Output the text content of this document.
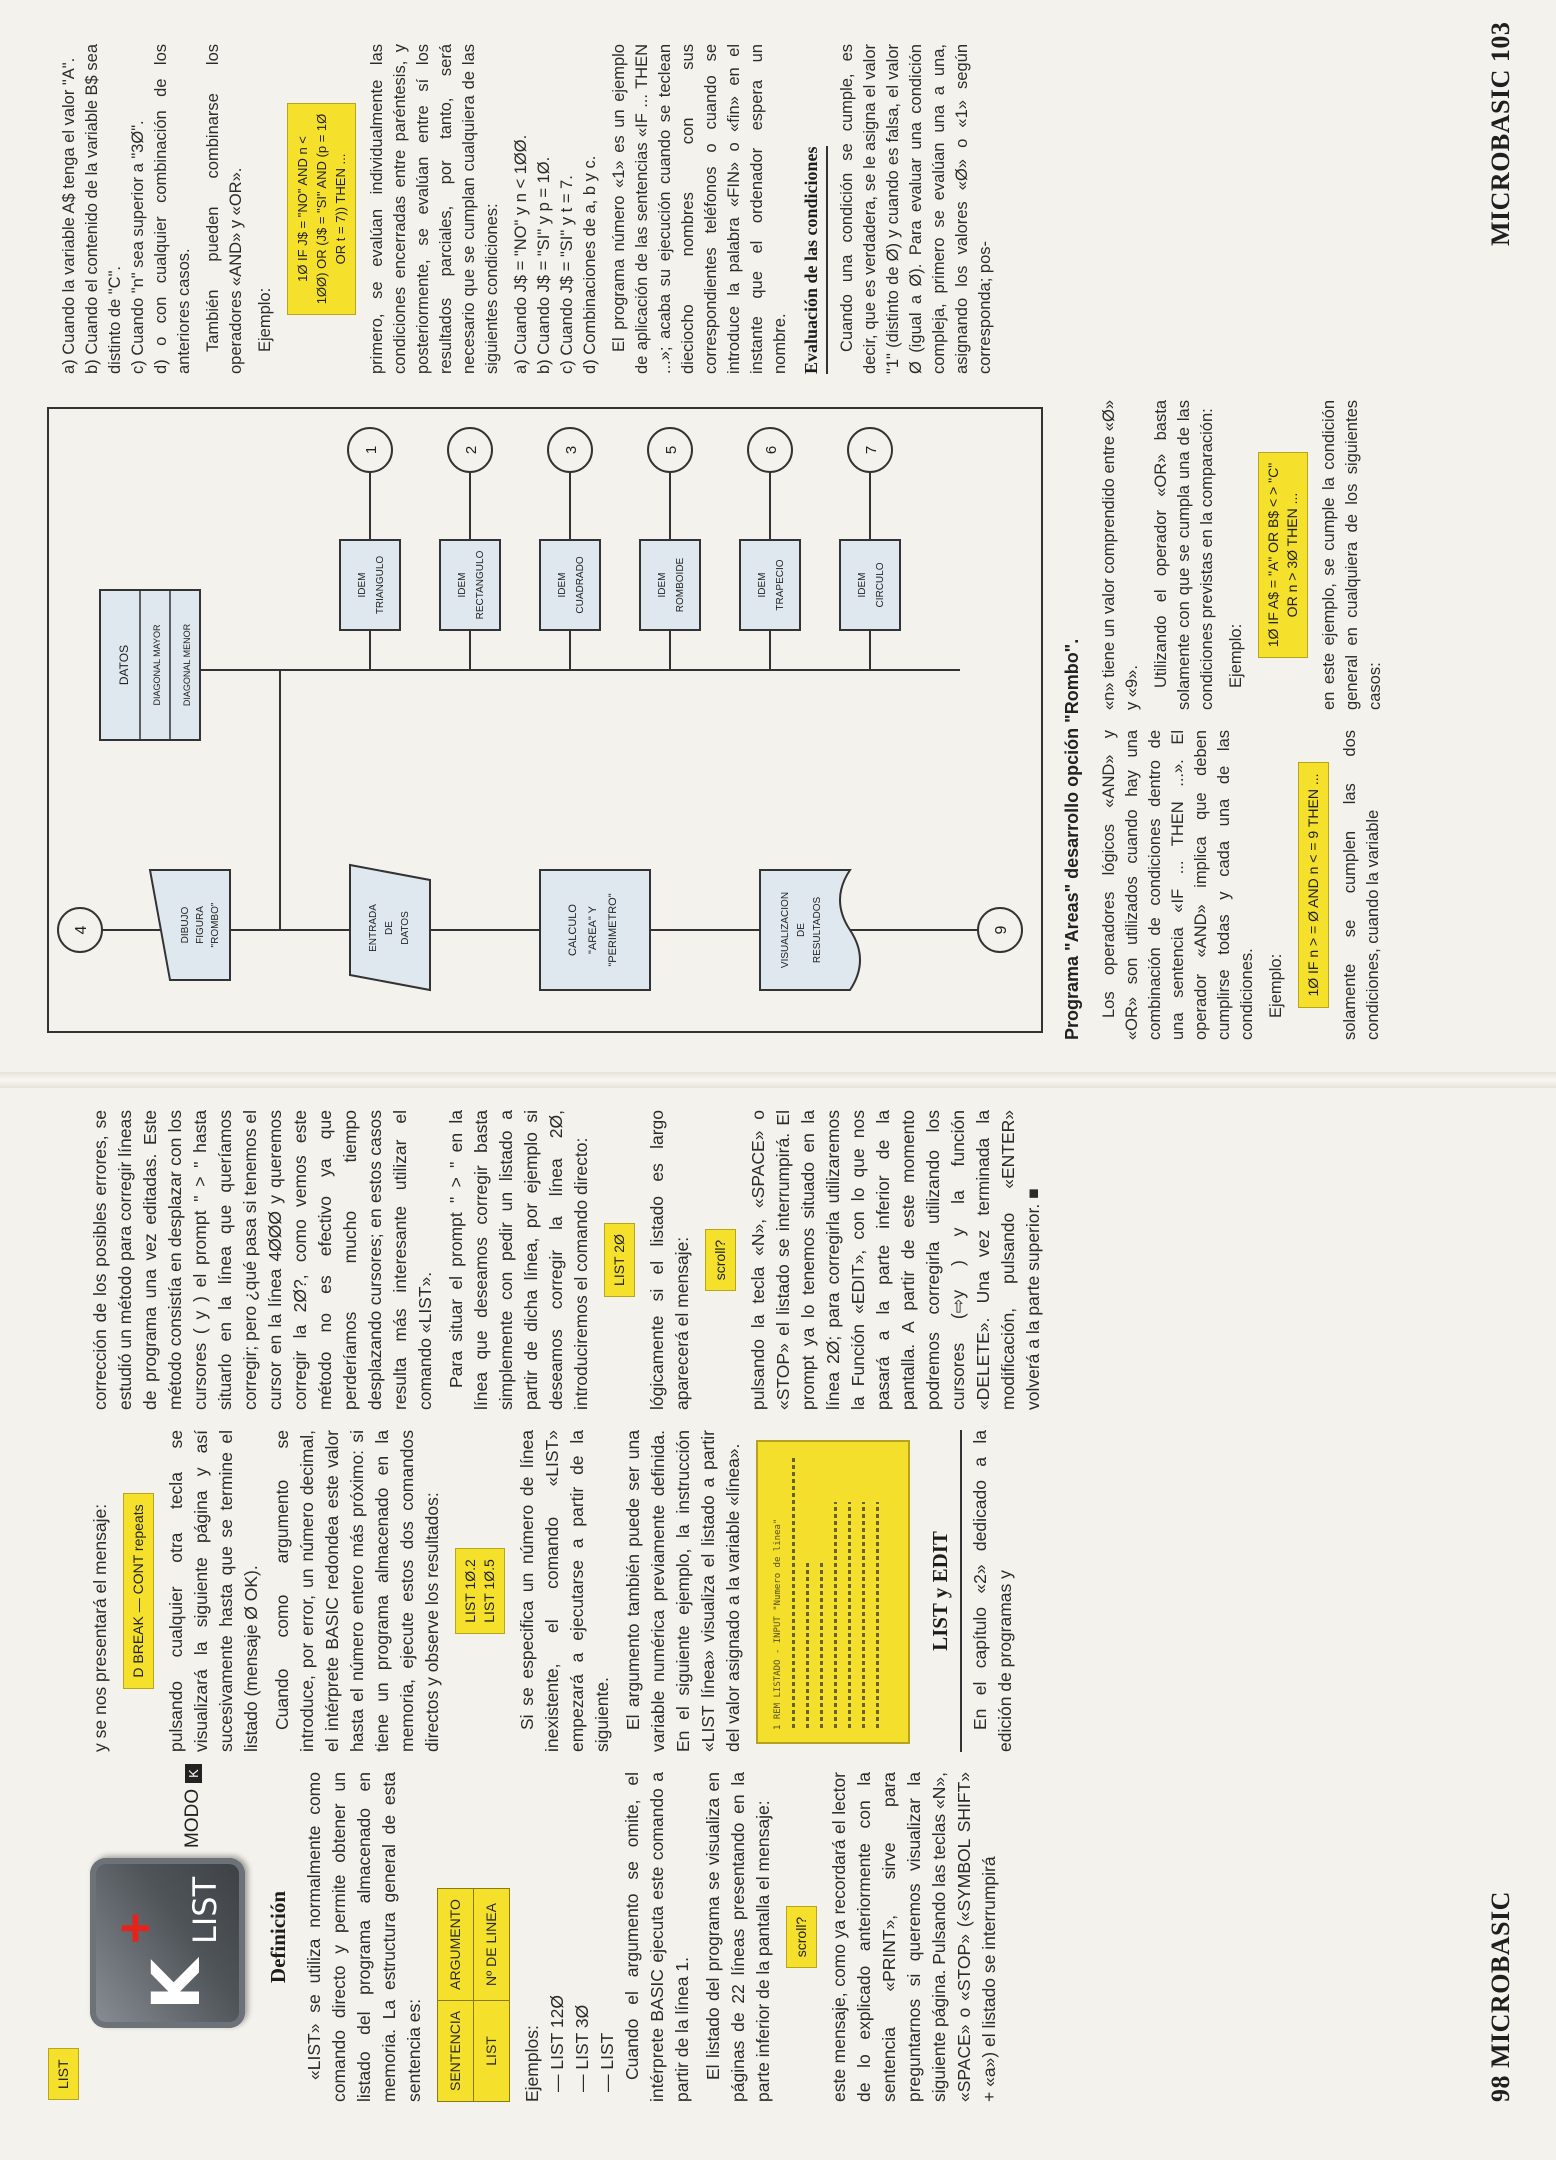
LIST
K
+ LIST
MODOK
Definición «LIST» se utiliza normalmente como comando directo y permite obtener un listado del programa almacenado en memoria. La estructura general de esta sentencia es: SENTENCIA	ARGUMENTO
LIST	Nº DE LINEA

Ejemplos: — LIST 12Ø — LIST 3Ø — LIST Cuando el argumento se omite, el intérprete BASIC ejecuta este comando a partir de la línea 1. El listado del programa se visualiza en páginas de 22 líneas presentando en la parte inferior de la pantalla el mensaje:	scroll?	este mensaje, como ya recordará el lector de lo explicado anteriormente con la sentencia «PRINT», sirve para preguntarnos si queremos visualizar la siguiente página. Pulsando las teclas «N», «SPACE» o «STOP» («SYMBOL SHIFT» + «a») el listado se interrumpirá

y se nos presentará el mensaje:	D BREAK — CONT repeats	pulsando cualquier otra tecla se visualizará la siguiente página y así sucesivamente hasta que se termine el listado (mensaje Ø OK). Cuando como argumento se introduce, por error, un número decimal, el intérprete BASIC redondea este valor hasta el número entero más próximo: si tiene un programa almacenado en la memoria, ejecute estos dos comandos directos y observe los resultados: LIST 1Ø.2 LIST 1Ø.5 Si se especifica un número de línea inexistente, el comando «LIST» empezará a ejecutarse a partir de la siguiente. El argumento también puede ser una variable numérica previamente definida. En el siguiente ejemplo, la instrucción «LIST línea» visualiza el listado a partir del valor asignado a la variable «línea».	1 REM LISTADO - INPUT "Numero de linea"	LIST y EDIT En el capítulo «2» dedicado a la edición de programas y

corrección de los posibles errores, se estudió un método para corregir líneas de programa una vez editadas. Este método consistía en desplazar con los cursores ( y ) el prompt " > " hasta situarlo en la línea que queríamos corregir; pero ¿qué pasa si tenemos el cursor en la línea 4ØØØ y queremos corregir la 2Ø?, como vemos este método no es efectivo ya que perderíamos mucho tiempo desplazando cursores; en estos casos resulta más interesante utilizar el comando «LIST». Para situar el prompt " > " en la línea que deseamos corregir basta simplemente con pedir un listado a partir de dicha línea, por ejemplo si deseamos corregir la línea 2Ø, introduciremos el comando directo:	LIST 2Ø	lógicamente si el listado es largo aparecerá el mensaje:	scroll?	pulsando la tecla «N», «SPACE» o «STOP» el listado se interrumpirá. El prompt ya lo tenemos situado en la línea 2Ø; para corregirla utilizaremos la Función «EDIT», con lo que nos pasará a la parte inferior de la pantalla. A partir de este momento podremos corregirla utilizando los cursores (⇨y ) y la función «DELETE». Una vez terminada la modificación, pulsando «ENTER» volverá a la parte superior. ■

98 MICROBASIC
4	DIBUJO FIGURA "ROMBO"	ENTRADA DE DATOS	CALCULO "AREA" Y "PERIMETRO"	VISUALIZACION DE RESULTADOS	9
DATOS DIAGONAL MAYOR DIAGONAL MENOR
IDEM TRIANGULO	IDEM RECTANGULO	IDEM CUADRADO	IDEM ROMBOIDE	IDEM TRAPECIO	IDEM CIRCULO
1	2	3	5	6	7
Programa "Areas" desarrollo opción "Rombo". Los operadores lógicos «AND» y «OR» son utilizados cuando hay una combinación de condiciones dentro de una sentencia «IF ... THEN ...». El operador «AND» implica que deben cumplirse todas y cada una de las condiciones. Ejemplo:	1Ø IF n > = Ø AND n < = 9 THEN ...	solamente se cumplen las dos condiciones, cuando la variable

«n» tiene un valor comprendido entre «Ø» y «9». Utilizando el operador «OR» basta solamente con que se cumpla una de las condiciones previstas en la comparación: Ejemplo:

1Ø IF A$ = "A" OR B$ < > "C" OR n > 3Ø THEN ... en este ejemplo, se cumple la condición general en cualquiera de los siguientes casos:

a) Cuando la variable A$ tenga el valor "A". b) Cuando el contenido de la variable B$ sea distinto de "C". c) Cuando "n" sea superior a "3Ø". d) o con cualquier combinación de los anteriores casos. También pueden combinarse los operadores «AND» y «OR». Ejemplo:

1Ø IF J$ = "NO" AND n < 1ØØ) OR (J$ = "SI" AND (p = 1Ø OR t = 7)) THEN ... primero, se evalúan individualmente las condiciones encerradas entre paréntesis, y posteriormente, se evalúan entre sí los resultados parciales, por tanto, será necesario que se cumplan cualquiera de las siguientes condiciones: a) Cuando J$ = "NO" y n < 1ØØ. b) Cuando J$ = "SI" y p = 1Ø. c) Cuando J$ = "SI" y t = 7. d) Combinaciones de a, b y c. El programa número «1» es un ejemplo de aplicación de las sentencias «IF ... THEN ...»; acaba su ejecución cuando se teclean dieciocho nombres con sus correspondientes teléfonos o cuando se introduce la palabra «FIN» o «fin» en el instante que el ordenador espera un nombre. Evaluación de las condiciones	Cuando una condición se cumple, es decir, que es verdadera, se le asigna el valor "1" (distinto de Ø) y cuando es falsa, el valor Ø (igual a Ø). Para evaluar una condición compleja, primero se evalúan una a una, asignando los valores «Ø» o «1» según corresponda; pos-

MICROBASIC 103
